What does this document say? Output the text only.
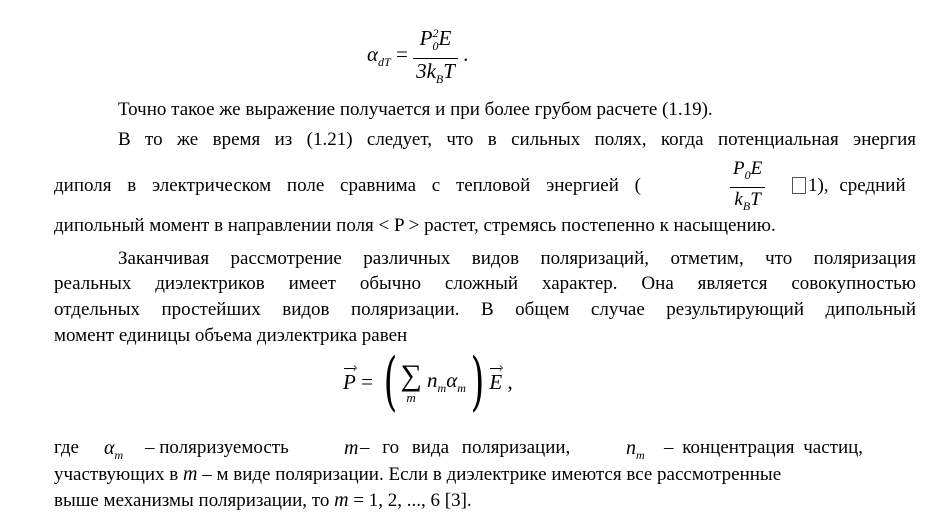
$\alpha_{dT} = \frac{P_0^2E}{3k_BT}$ .
Точно такое же выражение получается и при более грубом расчете (1.19).
В то же время из (1.21) следует, что в сильных полях, когда потенциальная энергия
диполя в электрическом поле сравнима с тепловой энергией (
$P_0E$
$k_BT$
1), средний
дипольный момент в направлении поля < P > растет, стремясь постепенно к насыщению.
Заканчивая рассмотрение различных видов поляризаций, отметим, что поляризация
реальных диэлектриков имеет обычно сложный характер. Она является совокупностью
отдельных простейших видов поляризации. В общем случае результирующий дипольный
момент единицы объема диэлектрика равен
P = ( ∑
m
$n_m\alpha_m$ ) E ,
где $\alpha_m$ – поляризуемость	m – го вида поляризации,	$n_m$ – концентрация частиц,
участвующих в m – м виде поляризации. Если в диэлектрике имеются все рассмотренные
выше механизмы поляризации, то m = 1, 2, ..., 6 [3].
